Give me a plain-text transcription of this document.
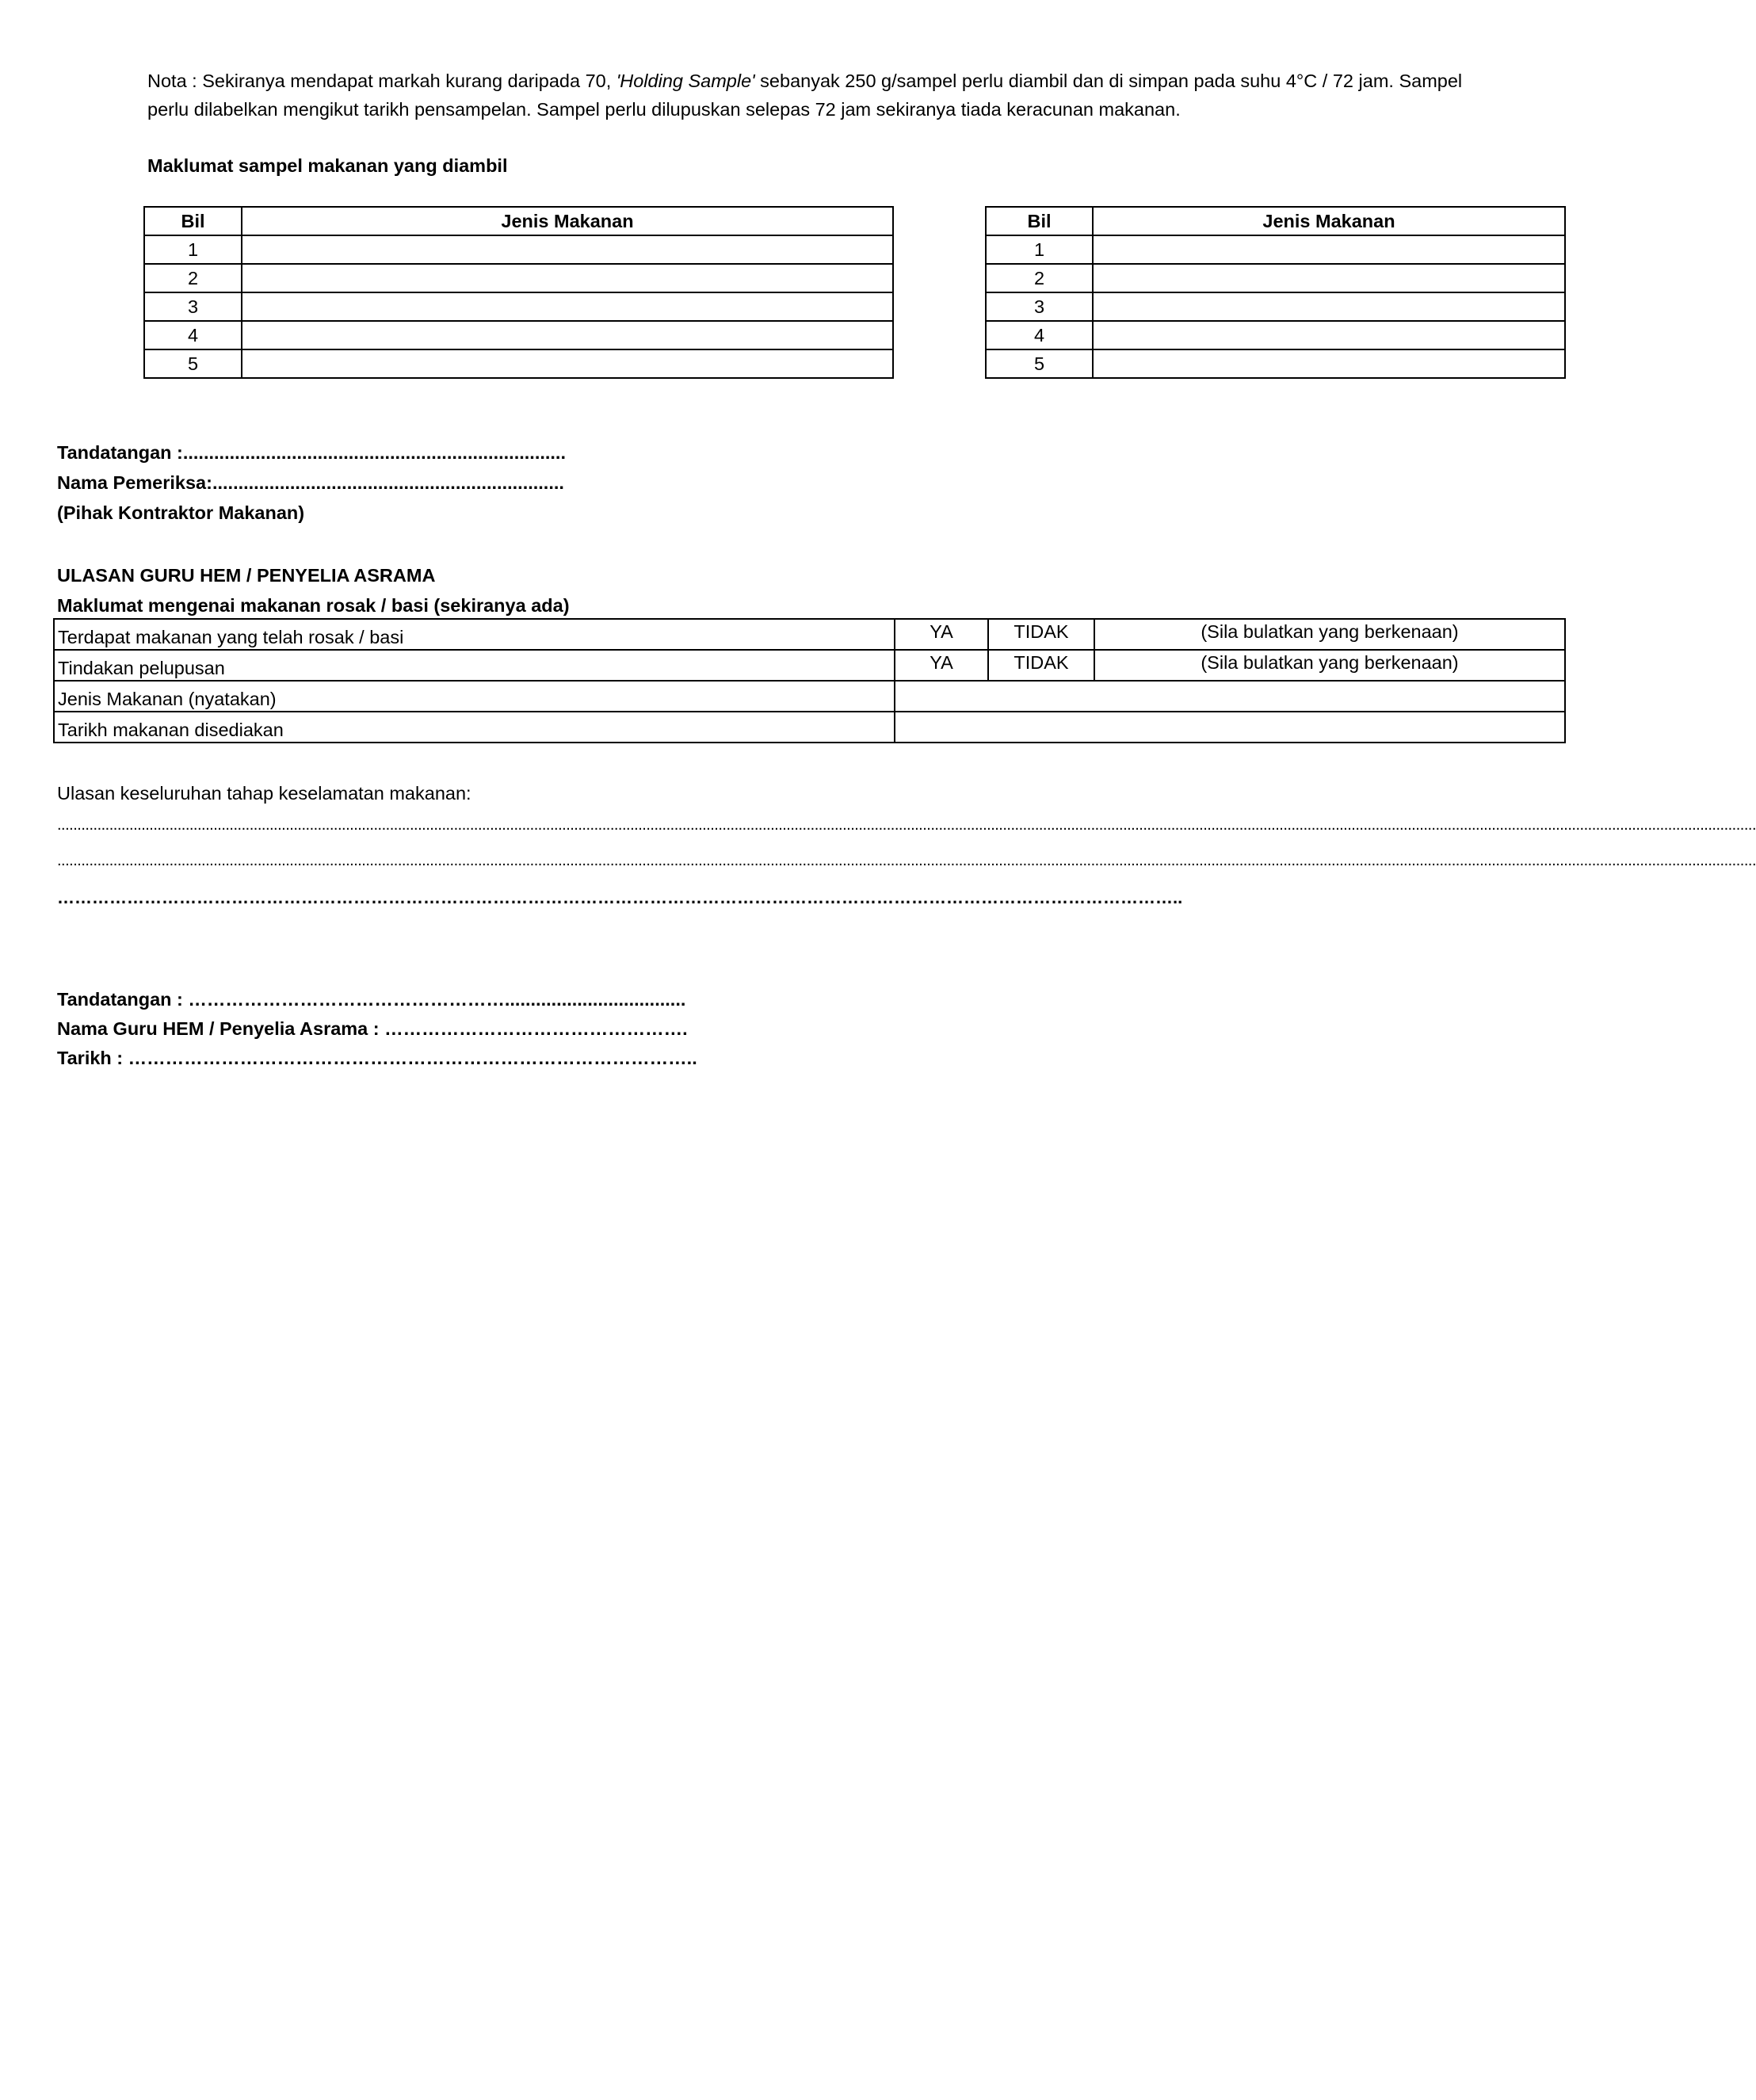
Nota : Sekiranya mendapat markah kurang daripada 70, 'Holding Sample' sebanyak 250 g/sampel perlu diambil dan di simpan pada suhu 4°C / 72 jam. Sampel
perlu dilabelkan mengikut tarikh pensampelan. Sampel perlu dilupuskan selepas 72 jam sekiranya tiada keracunan makanan.
Maklumat sampel makanan yang diambil
Bil	Jenis Makanan
1	
2	
3	
4	
5	
Bil	Jenis Makanan
1	
2	
3	
4	
5	
Tandatangan :..........................................................................
Nama Pemeriksa:....................................................................
(Pihak Kontraktor Makanan)
ULASAN GURU HEM / PENYELIA ASRAMA
Maklumat mengenai makanan rosak / basi (sekiranya ada)
Terdapat makanan yang telah rosak / basi	YA	TIDAK	(Sila bulatkan yang berkenaan)
Tindakan pelupusan	YA	TIDAK	(Sila bulatkan yang berkenaan)
Jenis Makanan (nyatakan)			
Tarikh makanan disediakan			
Ulasan keseluruhan tahap keselamatan makanan:
........................................................................................................................................................................................................................................................................................................................................................................................................................................
........................................................................................................................................................................................................................................................................................................................................................................................................................................
…………………………………………………………………………………………………………………………………………………………………………..
Tandatangan : ……………………………………………...................................
Nama Guru HEM / Penyelia Asrama : ………………………………………….
Tarikh : ………………………………………………………………………………..
